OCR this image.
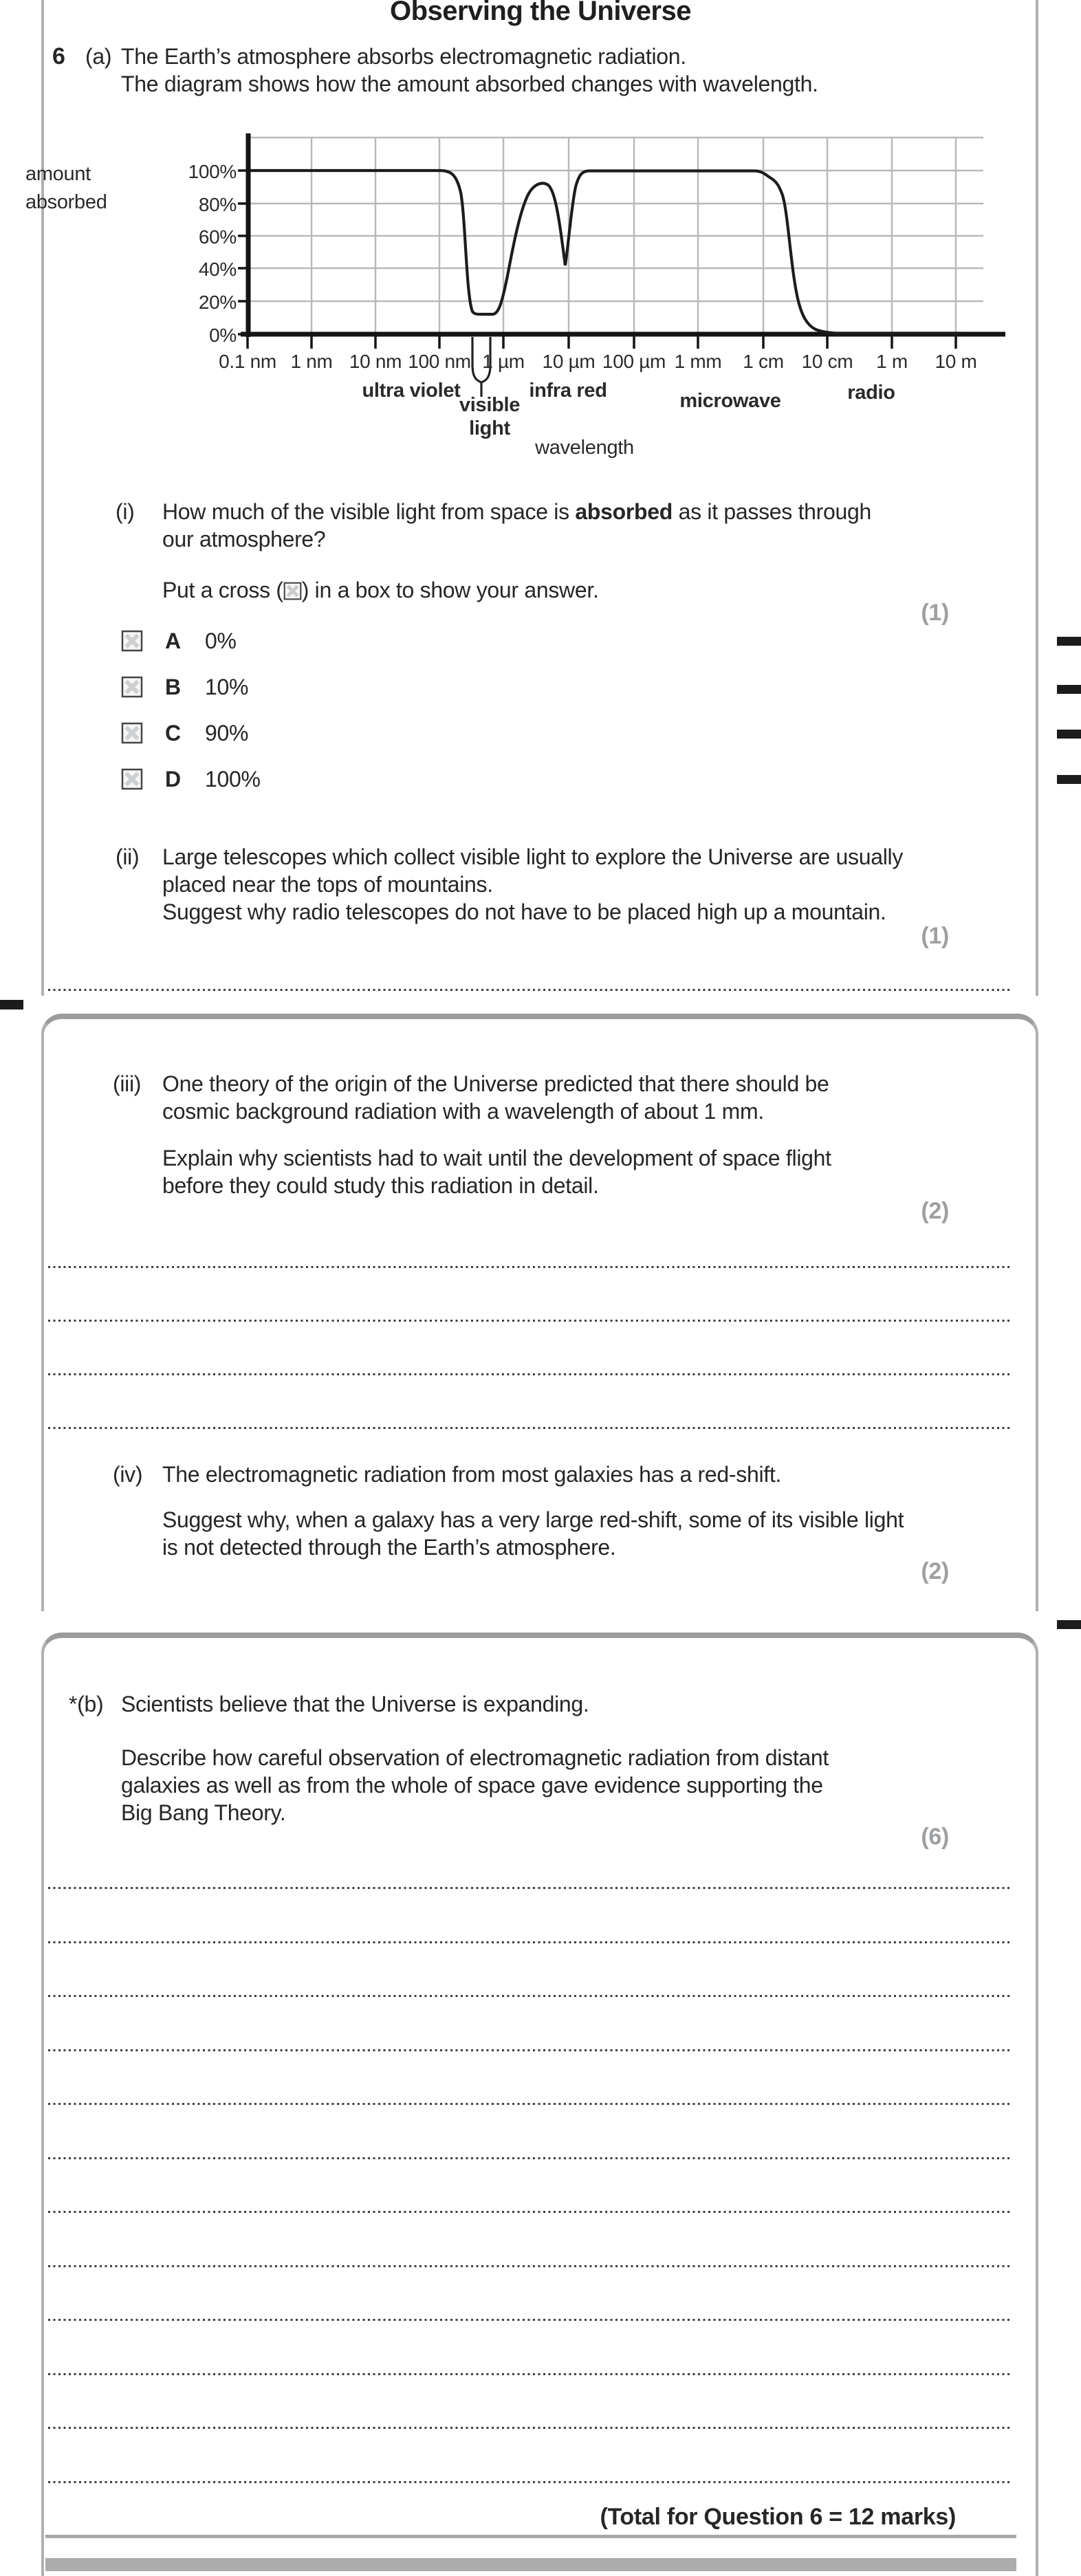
Observing the Universe
6 (a) The Earth’s atmosphere absorbs electromagnetic radiation.
The diagram shows how the amount absorbed changes with wavelength.
100%
80%
60%
40%
20%
0%
amount
absorbed
0.1 nm 1 nm 10 nm 100 nm 1 µm 10 µm 100 µm 1 mm 1 cm 10 cm 1 m 10 m
ultra violet
visible
light
infra red	microwave	radio
wavelength
(i) How much of the visible light from space is absorbed as it passes through
our atmosphere?
Put a cross (☒) in a box to show your answer.
(1)
A 0%
B 10%
C 90%
D 100%
(ii) Large telescopes which collect visible light to explore the Universe are usually
placed near the tops of mountains.
Suggest why radio telescopes do not have to be placed high up a mountain.
(1)
(iii) One theory of the origin of the Universe predicted that there should be
cosmic background radiation with a wavelength of about 1 mm.
Explain why scientists had to wait until the development of space flight
before they could study this radiation in detail.
(2)
(iv) The electromagnetic radiation from most galaxies has a red-shift.
Suggest why, when a galaxy has a very large red-shift, some of its visible light
is not detected through the Earth’s atmosphere.
(2)
*(b) Scientists believe that the Universe is expanding.
Describe how careful observation of electromagnetic radiation from distant
galaxies as well as from the whole of space gave evidence supporting the
Big Bang Theory.
(6)
(Total for Question 6 = 12 marks)
